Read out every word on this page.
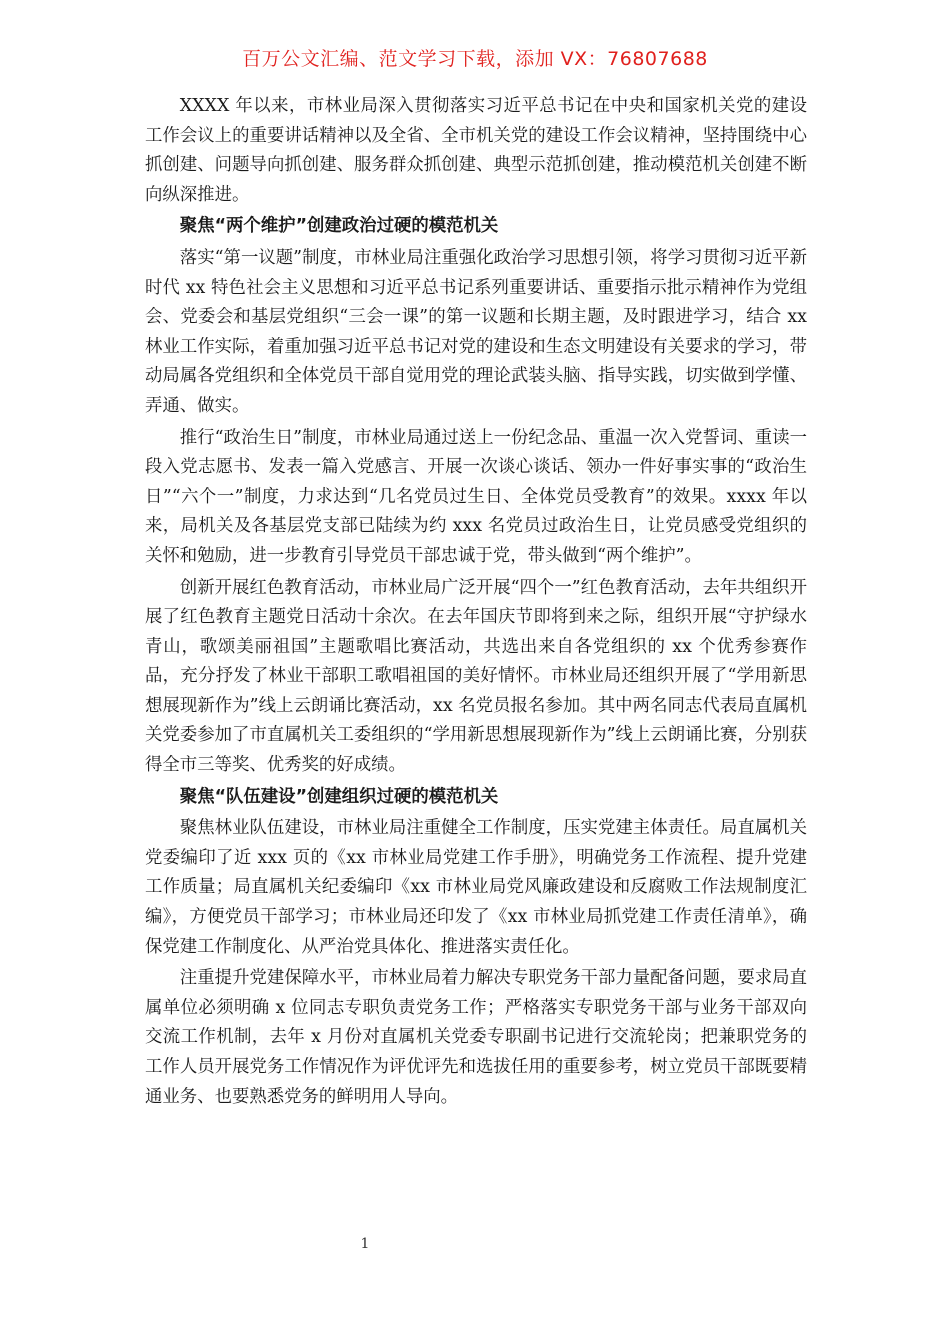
百万公文汇编、范文学习下载，添加 VX：76807688

XXXX 年以来，市林业局深入贯彻落实习近平总书记在中央和国家机关党的建设工作会议上的重要讲话精神以及全省、全市机关党的建设工作会议精神，坚持围绕中心抓创建、问题导向抓创建、服务群众抓创建、典型示范抓创建，推动模范机关创建不断向纵深推进。

聚焦“两个维护”创建政治过硬的模范机关

落实“第一议题”制度，市林业局注重强化政治学习思想引领，将学习贯彻习近平新时代 xx 特色社会主义思想和习近平总书记系列重要讲话、重要指示批示精神作为党组会、党委会和基层党组织“三会一课”的第一议题和长期主题，及时跟进学习，结合 xx 林业工作实际，着重加强习近平总书记对党的建设和生态文明建设有关要求的学习，带动局属各党组织和全体党员干部自觉用党的理论武装头脑、指导实践，切实做到学懂、弄通、做实。

推行“政治生日”制度，市林业局通过送上一份纪念品、重温一次入党誓词、重读一段入党志愿书、发表一篇入党感言、开展一次谈心谈话、领办一件好事实事的“政治生日”“六个一”制度，力求达到“几名党员过生日、全体党员受教育”的效果。xxxx 年以来，局机关及各基层党支部已陆续为约 xxx 名党员过政治生日，让党员感受党组织的关怀和勉励，进一步教育引导党员干部忠诚于党，带头做到“两个维护”。

创新开展红色教育活动，市林业局广泛开展“四个一”红色教育活动，去年共组织开展了红色教育主题党日活动十余次。在去年国庆节即将到来之际，组织开展“守护绿水青山，歌颂美丽祖国”主题歌唱比赛活动，共选出来自各党组织的 xx 个优秀参赛作品，充分抒发了林业干部职工歌唱祖国的美好情怀。市林业局还组织开展了“学用新思想展现新作为”线上云朗诵比赛活动，xx 名党员报名参加。其中两名同志代表局直属机关党委参加了市直属机关工委组织的“学用新思想展现新作为”线上云朗诵比赛，分别获得全市三等奖、优秀奖的好成绩。

聚焦“队伍建设”创建组织过硬的模范机关

聚焦林业队伍建设，市林业局注重健全工作制度，压实党建主体责任。局直属机关党委编印了近 xxx 页的《xx 市林业局党建工作手册》，明确党务工作流程、提升党建工作质量；局直属机关纪委编印《xx 市林业局党风廉政建设和反腐败工作法规制度汇编》，方便党员干部学习；市林业局还印发了《xx 市林业局抓党建工作责任清单》，确保党建工作制度化、从严治党具体化、推进落实责任化。

注重提升党建保障水平，市林业局着力解决专职党务干部力量配备问题，要求局直属单位必须明确 x 位同志专职负责党务工作；严格落实专职党务干部与业务干部双向交流工作机制，去年 x 月份对直属机关党委专职副书记进行交流轮岗；把兼职党务的工作人员开展党务工作情况作为评优评先和选拔任用的重要参考，树立党员干部既要精通业务、也要熟悉党务的鲜明用人导向。

1
